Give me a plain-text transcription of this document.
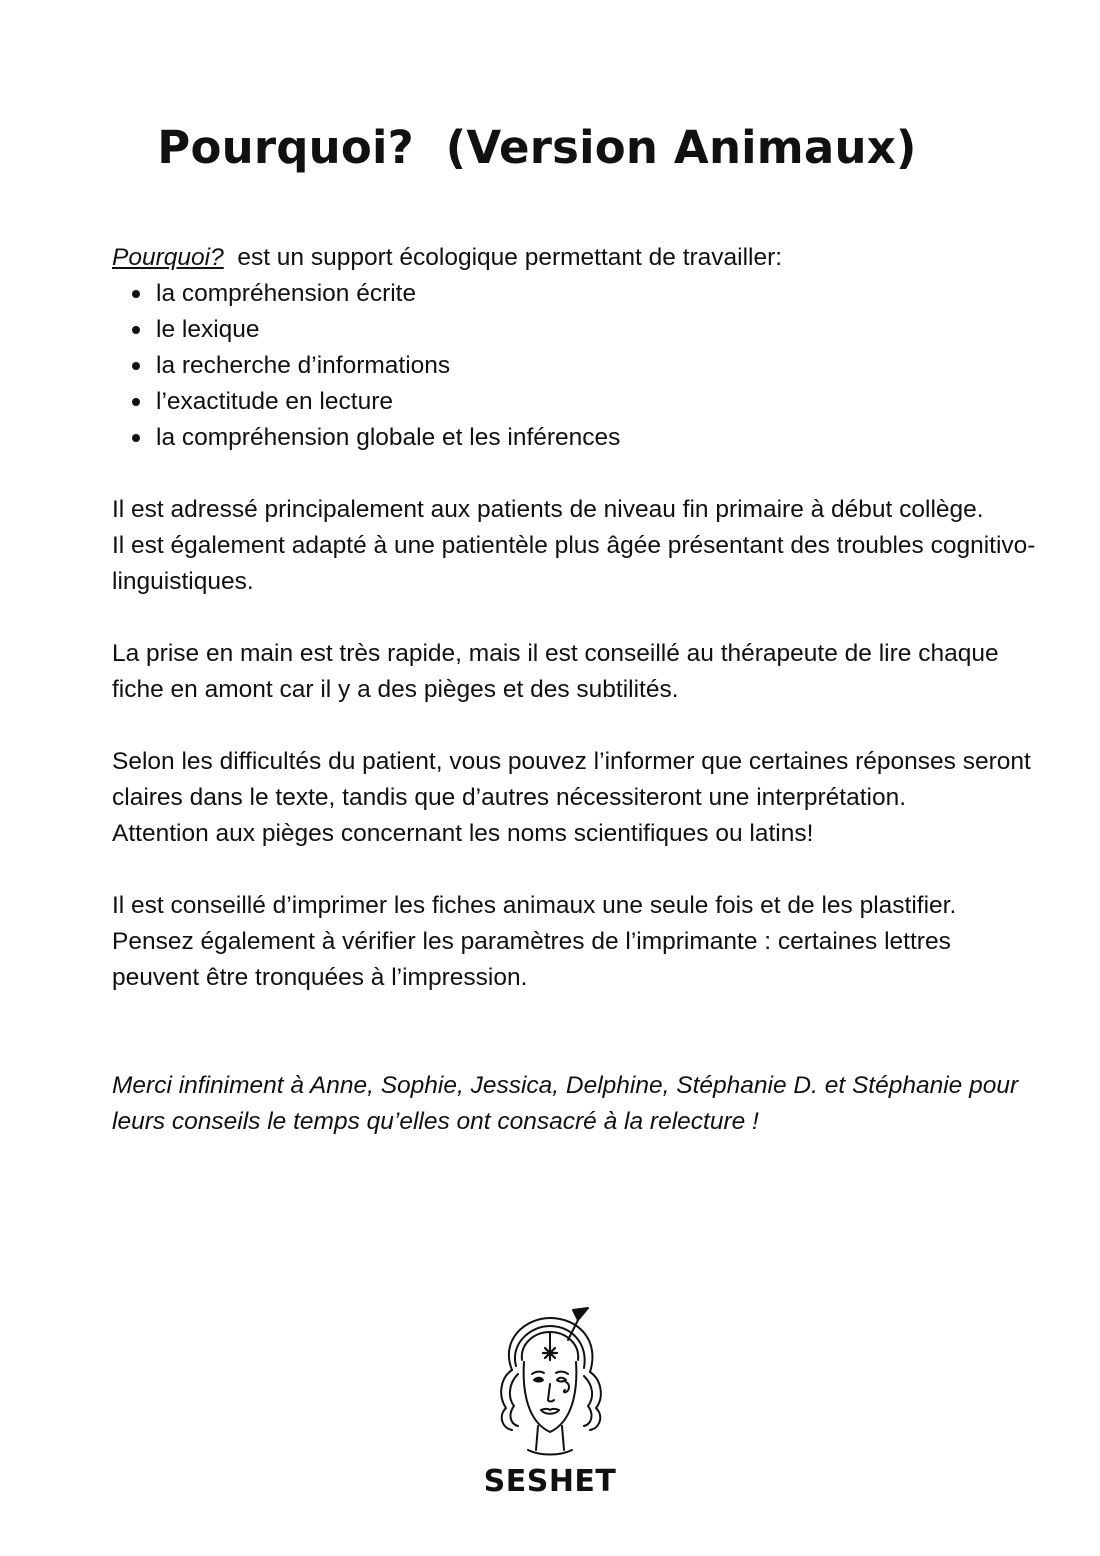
Pourquoi?  (Version Animaux)

Pourquoi?  est un support écologique permettant de travailler:

la compréhension écrite
le lexique
la recherche d’informations
l’exactitude en lecture
la compréhension globale et les inférences

Il est adressé principalement aux patients de niveau fin primaire à début collège.

Il est également adapté à une patientèle plus âgée présentant des troubles cognitivo-linguistiques.

La prise en main est très rapide, mais il est conseillé au thérapeute de lire chaque fiche en amont car il y a des pièges et des subtilités.

Selon les difficultés du patient, vous pouvez l’informer que certaines réponses seront claires dans le texte, tandis que d’autres nécessiteront une interprétation.

Attention aux pièges concernant les noms scientifiques ou latins!

Il est conseillé d’imprimer les fiches animaux une seule fois et de les plastifier.

Pensez également à vérifier les paramètres de l’imprimante : certaines lettres peuvent être tronquées à l’impression.

Merci infiniment à Anne, Sophie, Jessica, Delphine, Stéphanie D. et Stéphanie pour leurs conseils le temps qu’elles ont consacré à la relecture !

SESHET
